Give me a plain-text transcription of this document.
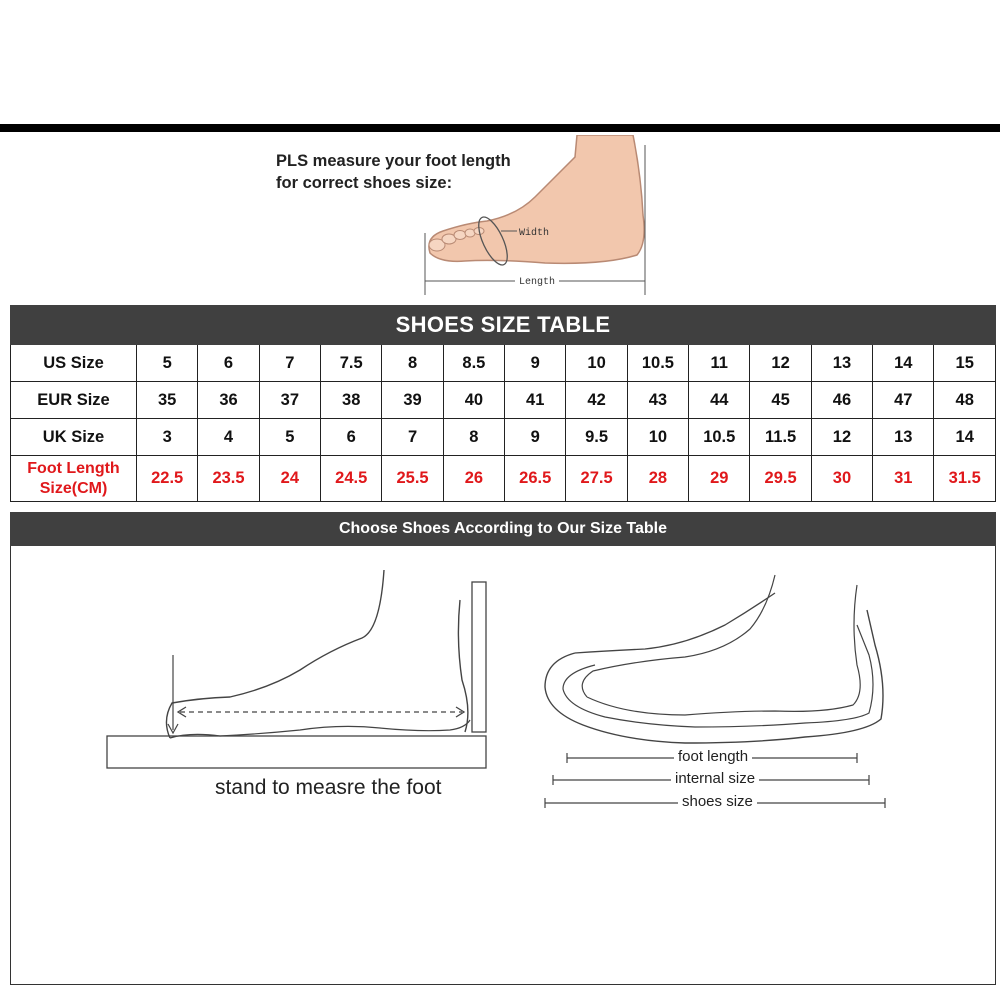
PLS measure your foot length
for correct shoes size:
Width
Length
SHOES SIZE TABLE														
US Size	5	6	7	7.5	8	8.5	9	10	10.5	11	12	13	14	15
EUR Size	35	36	37	38	39	40	41	42	43	44	45	46	47	48
UK Size	3	4	5	6	7	8	9	9.5	10	10.5	11.5	12	13	14

Foot Length
Size(CM)	22.5	23.5	24	24.5	25.5	26	26.5	27.5	28	29	29.5	30	31	31.5
Choose Shoes According to Our Size Table
stand to measre the foot
foot length
internal size
shoes size
